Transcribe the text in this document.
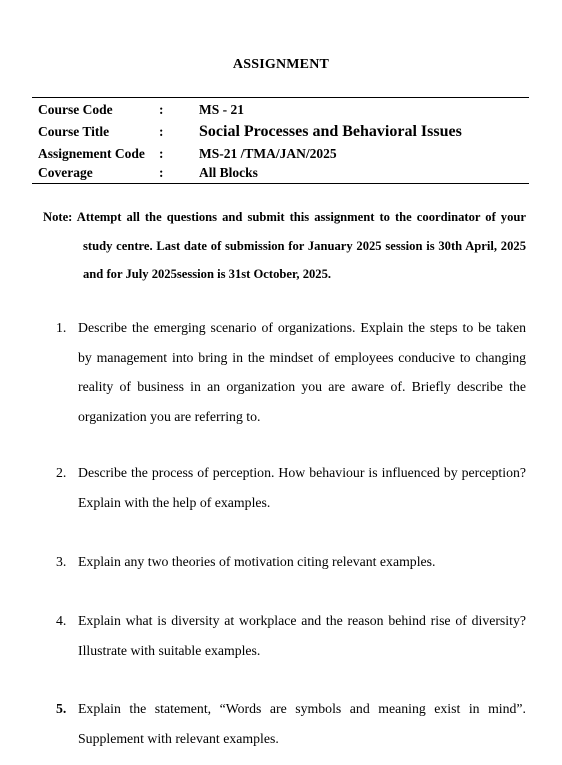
ASSIGNMENT
Course Code	:	MS - 21
Course Title	: Social Processes and Behavioral Issues
Assignement Code :	MS-21 /TMA/JAN/2025
Coverage	:	All Blocks
Note: Attempt all the questions and submit this assignment to the coordinator of your study centre. Last date of submission for January 2025 session is 30th April, 2025 and for July 2025session is 31st October, 2025.
1. Describe the emerging scenario of organizations. Explain the steps to be taken by management into bring in the mindset of employees conducive to changing reality of business in an organization you are aware of. Briefly describe the organization you are referring to.
2. Describe the process of perception. How behaviour is influenced by perception? Explain with the help of examples.
3. Explain any two theories of motivation citing relevant examples.
4. Explain what is diversity at workplace and the reason behind rise of diversity? Illustrate with suitable examples.
5. Explain the statement, “Words are symbols and meaning exist in mind”. Supplement with relevant examples.
